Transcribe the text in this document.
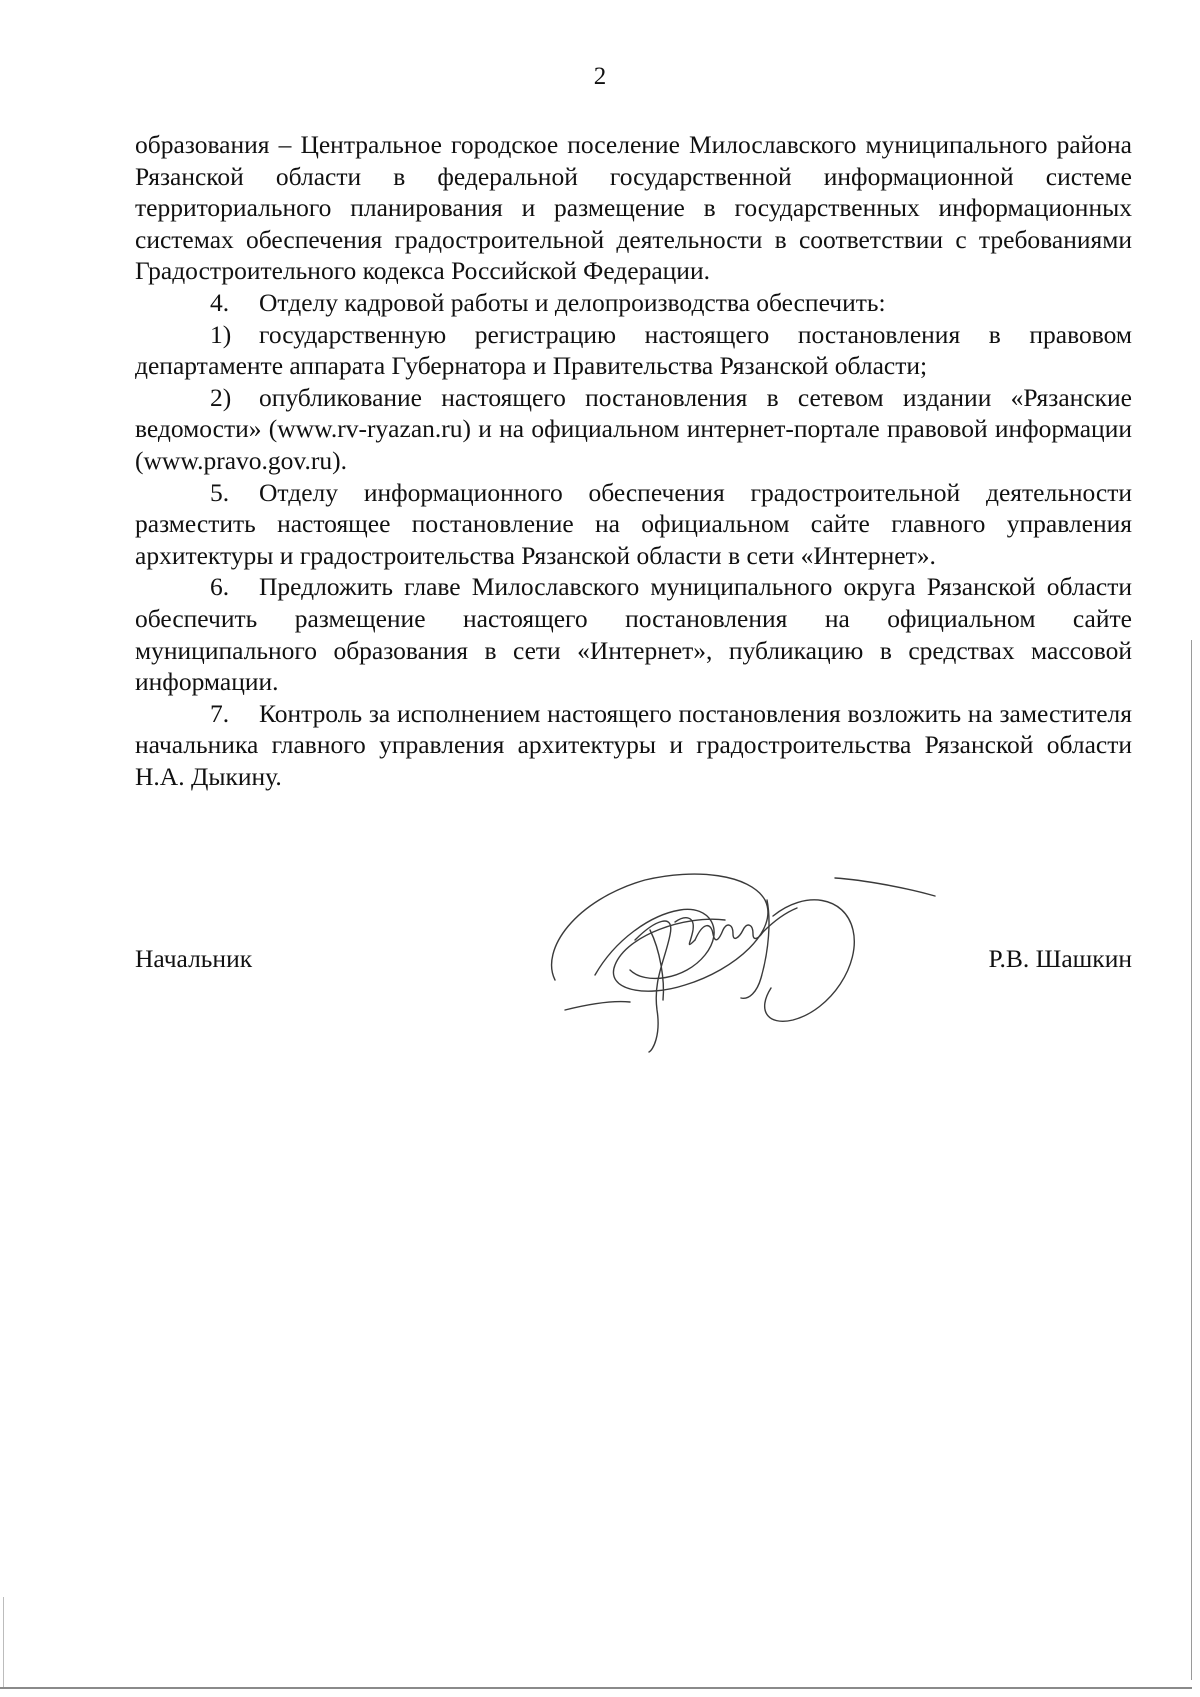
2

образования – Центральное городское поселение Милославского муниципального района Рязанской области в федеральной государственной информационной системе территориального планирования и размещение в государственных информационных системах обеспечения градостроительной деятельности в соответствии с требованиями Градостроительного кодекса Российской Федерации.

4. Отделу кадровой работы и делопроизводства обеспечить:

1) государственную регистрацию настоящего постановления в правовом департаменте аппарата Губернатора и Правительства Рязанской области;

2) опубликование настоящего постановления в сетевом издании «Рязанские ведомости» (www.rv-ryazan.ru) и на официальном интернет-портале правовой информации (www.pravo.gov.ru).

5. Отделу информационного обеспечения градостроительной деятельности разместить настоящее постановление на официальном сайте главного управления архитектуры и градостроительства Рязанской области в сети «Интернет».

6. Предложить главе Милославского муниципального округа Рязанской области обеспечить размещение настоящего постановления на официальном сайте муниципального образования в сети «Интернет», публикацию в средствах массовой информации.

7. Контроль за исполнением настоящего постановления возложить на заместителя начальника главного управления архитектуры и градостроительства Рязанской области Н.А. Дыкину.

Начальник	Р.В. Шашкин
